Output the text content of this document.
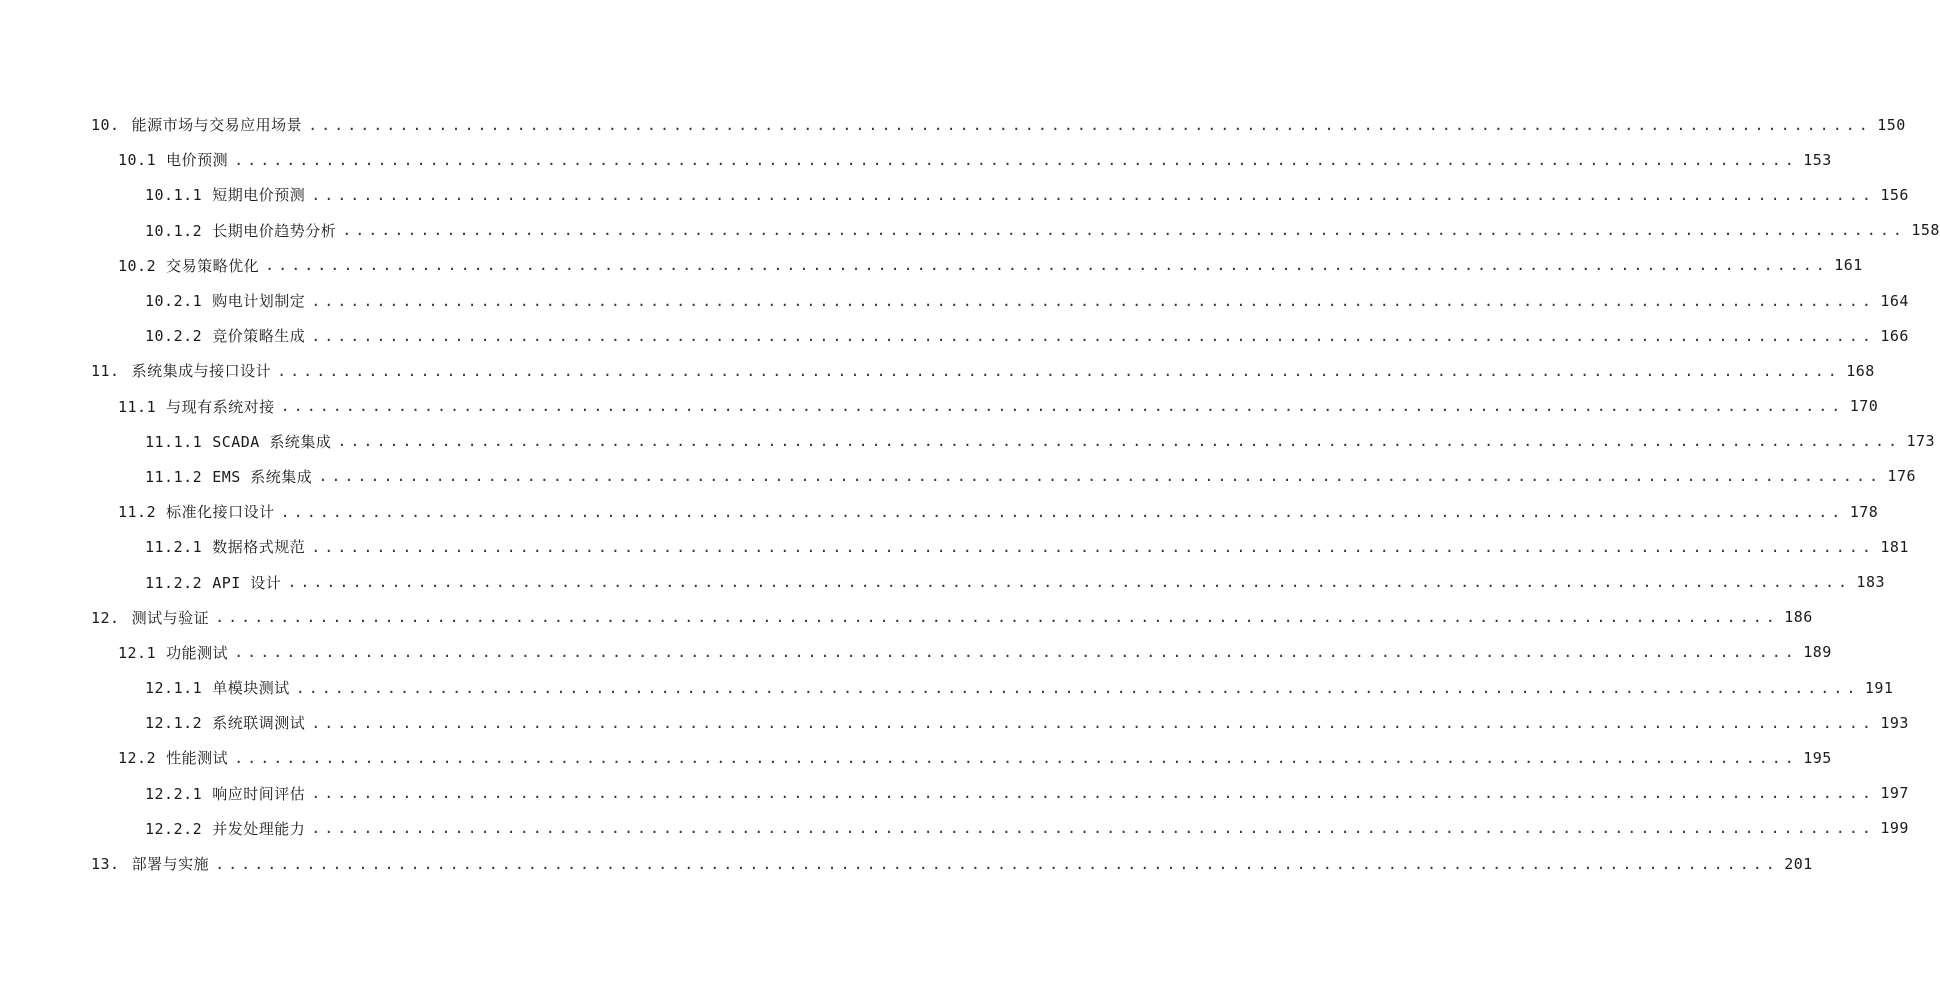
10. 能源市场与交易应用场景 ........................................................................................................................ 150
10.1 电价预测 ........................................................................................................................ 153
10.1.1 短期电价预测 ........................................................................................................................ 156
10.1.2 长期电价趋势分析 ........................................................................................................................ 158
10.2 交易策略优化 ........................................................................................................................ 161
10.2.1 购电计划制定 ........................................................................................................................ 164
10.2.2 竞价策略生成 ........................................................................................................................ 166
11. 系统集成与接口设计 ........................................................................................................................ 168
11.1 与现有系统对接 ........................................................................................................................ 170
11.1.1 SCADA 系统集成 ........................................................................................................................ 173
11.1.2 EMS 系统集成 ........................................................................................................................ 176
11.2 标准化接口设计 ........................................................................................................................ 178
11.2.1 数据格式规范 ........................................................................................................................ 181
11.2.2 API 设计 ........................................................................................................................ 183
12. 测试与验证 ........................................................................................................................ 186
12.1 功能测试 ........................................................................................................................ 189
12.1.1 单模块测试 ........................................................................................................................ 191
12.1.2 系统联调测试 ........................................................................................................................ 193
12.2 性能测试 ........................................................................................................................ 195
12.2.1 响应时间评估 ........................................................................................................................ 197
12.2.2 并发处理能力 ........................................................................................................................ 199
13. 部署与实施 ........................................................................................................................ 201
